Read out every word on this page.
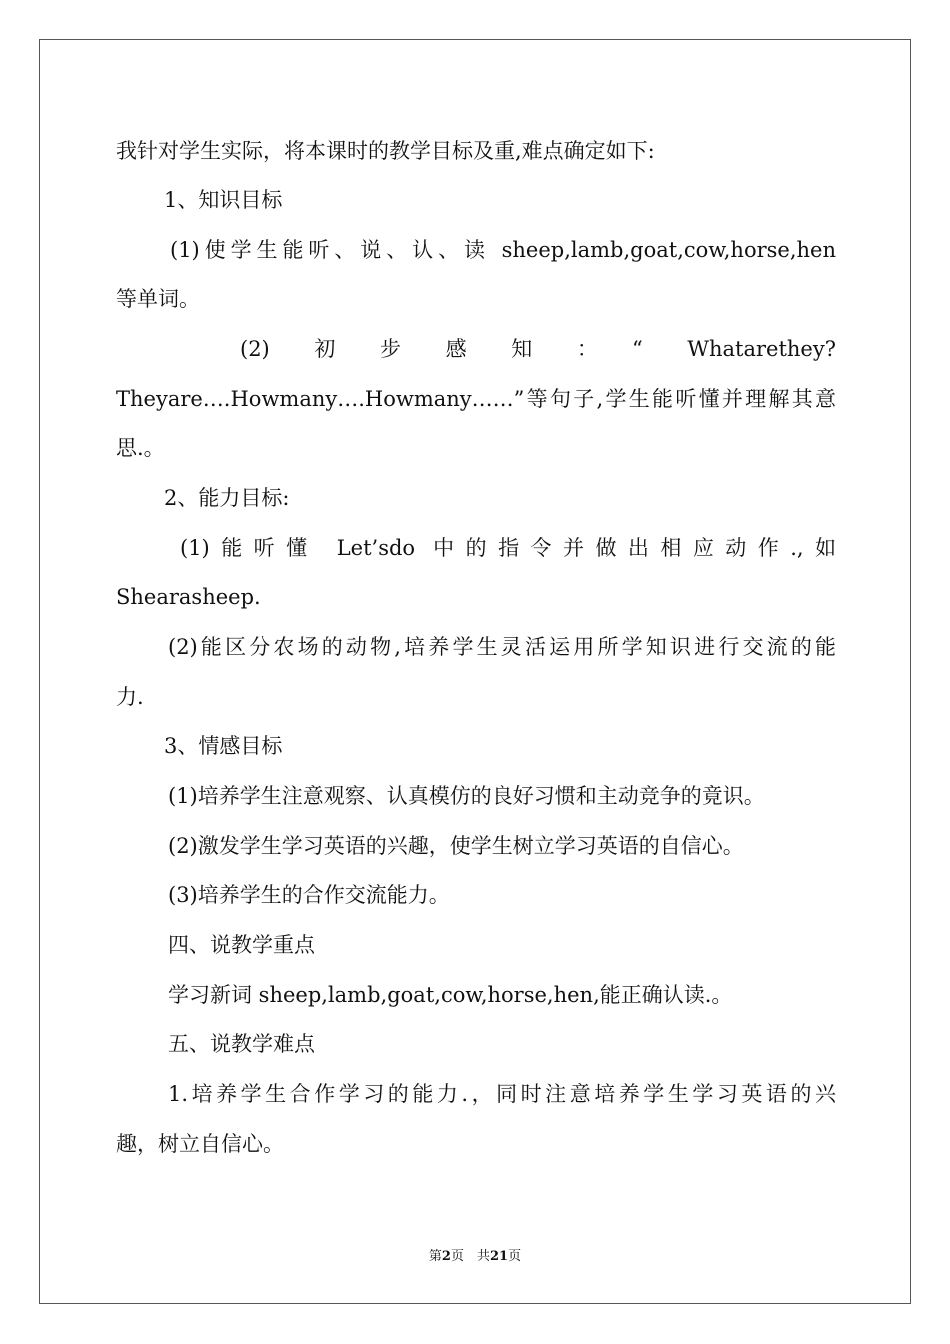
我针对学生实际，将本课时的教学目标及重,难点确定如下:
1、知识目标
(1)使学生能听、说、认、读 sheep,lamb,goat,cow,horse,hen
等单词。
(2)　初　步　感　知　：　“　Whatarethey?
Theyare….Howmany….Howmany……”等句子,学生能听懂并理解其意
思.。
2、能力目标:
(1)能听懂 Let’sdo 中的指令并做出相应动作.,如
Shearasheep.
(2)能区分农场的动物,培养学生灵活运用所学知识进行交流的能
力.
3、情感目标
(1)培养学生注意观察、认真模仿的良好习惯和主动竞争的竟识。
(2)激发学生学习英语的兴趣，使学生树立学习英语的自信心。
(3)培养学生的合作交流能力。
四、说教学重点
学习新词 sheep,lamb,goat,cow,horse,hen,能正确认读.。
五、说教学难点
1.培养学生合作学习的能力.，同时注意培养学生学习英语的兴
趣，树立自信心。
第2页　共21页
